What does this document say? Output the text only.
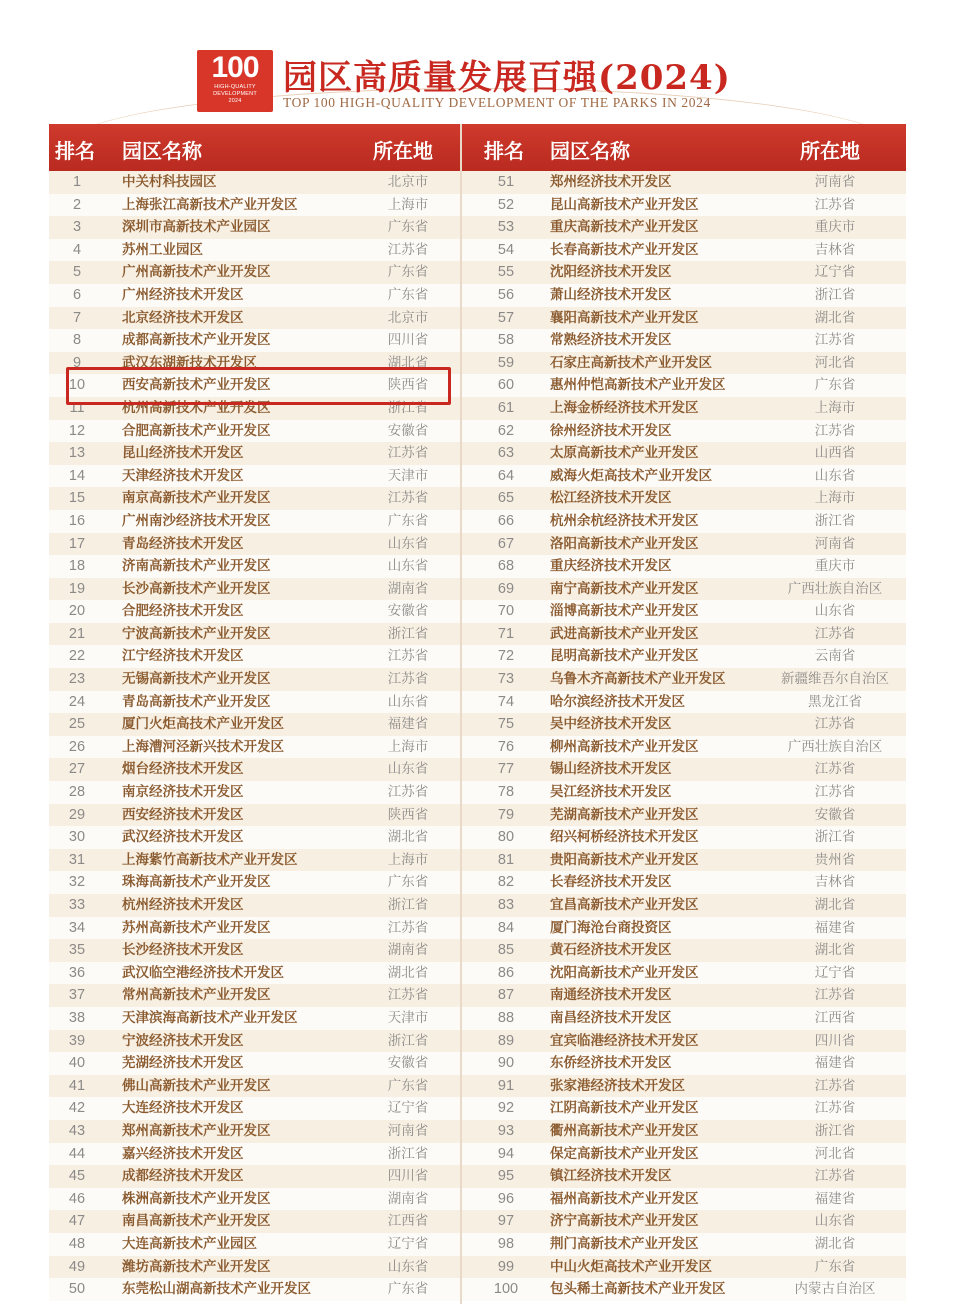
100
HIGH-QUALITY
DEVELOPMENT
2024
园区高质量发展百强(2024)
TOP 100 HIGH-QUALITY DEVELOPMENT OF THE PARKS IN 2024
排名 园区名称	所在地
1	中关村科技园区	北京市
2	上海张江高新技术产业开发区	上海市
3	深圳市高新技术产业园区	广东省
4	苏州工业园区	江苏省
5	广州高新技术产业开发区	广东省
6	广州经济技术开发区	广东省
7	北京经济技术开发区	北京市
8	成都高新技术产业开发区	四川省
9	武汉东湖新技术开发区	湖北省
10	西安高新技术产业开发区	陕西省
11	杭州高新技术产业开发区	浙江省
12	合肥高新技术产业开发区	安徽省
13	昆山经济技术开发区	江苏省
14	天津经济技术开发区	天津市
15	南京高新技术产业开发区	江苏省
16	广州南沙经济技术开发区	广东省
17	青岛经济技术开发区	山东省
18	济南高新技术产业开发区	山东省
19	长沙高新技术产业开发区	湖南省
20	合肥经济技术开发区	安徽省
21	宁波高新技术产业开发区	浙江省
22	江宁经济技术开发区	江苏省
23	无锡高新技术产业开发区	江苏省
24	青岛高新技术产业开发区	山东省
25	厦门火炬高技术产业开发区	福建省
26	上海漕河泾新兴技术开发区	上海市
27	烟台经济技术开发区	山东省
28	南京经济技术开发区	江苏省
29	西安经济技术开发区	陕西省
30	武汉经济技术开发区	湖北省
31	上海紫竹高新技术产业开发区	上海市
32	珠海高新技术产业开发区	广东省
33	杭州经济技术开发区	浙江省
34	苏州高新技术产业开发区	江苏省
35	长沙经济技术开发区	湖南省
36	武汉临空港经济技术开发区	湖北省
37	常州高新技术产业开发区	江苏省
38	天津滨海高新技术产业开发区	天津市
39	宁波经济技术开发区	浙江省
40	芜湖经济技术开发区	安徽省
41	佛山高新技术产业开发区	广东省
42	大连经济技术开发区	辽宁省
43	郑州高新技术产业开发区	河南省
44	嘉兴经济技术开发区	浙江省
45	成都经济技术开发区	四川省
46	株洲高新技术产业开发区	湖南省
47	南昌高新技术产业开发区	江西省
48	大连高新技术产业园区	辽宁省
49	潍坊高新技术产业开发区	山东省
50	东莞松山湖高新技术产业开发区	广东省
排名 园区名称	所在地
51	郑州经济技术开发区	河南省
52	昆山高新技术产业开发区	江苏省
53	重庆高新技术产业开发区	重庆市
54	长春高新技术产业开发区	吉林省
55	沈阳经济技术开发区	辽宁省
56	萧山经济技术开发区	浙江省
57	襄阳高新技术产业开发区	湖北省
58	常熟经济技术开发区	江苏省
59	石家庄高新技术产业开发区	河北省
60	惠州仲恺高新技术产业开发区	广东省
61	上海金桥经济技术开发区	上海市
62	徐州经济技术开发区	江苏省
63	太原高新技术产业开发区	山西省
64	威海火炬高技术产业开发区	山东省
65	松江经济技术开发区	上海市
66	杭州余杭经济技术开发区	浙江省
67	洛阳高新技术产业开发区	河南省
68	重庆经济技术开发区	重庆市
69	南宁高新技术产业开发区	广西壮族自治区
70	淄博高新技术产业开发区	山东省
71	武进高新技术产业开发区	江苏省
72	昆明高新技术产业开发区	云南省
73	乌鲁木齐高新技术产业开发区	新疆维吾尔自治区
74	哈尔滨经济技术开发区	黑龙江省
75	吴中经济技术开发区	江苏省
76	柳州高新技术产业开发区	广西壮族自治区
77	锡山经济技术开发区	江苏省
78	吴江经济技术开发区	江苏省
79	芜湖高新技术产业开发区	安徽省
80	绍兴柯桥经济技术开发区	浙江省
81	贵阳高新技术产业开发区	贵州省
82	长春经济技术开发区	吉林省
83	宜昌高新技术产业开发区	湖北省
84	厦门海沧台商投资区	福建省
85	黄石经济技术开发区	湖北省
86	沈阳高新技术产业开发区	辽宁省
87	南通经济技术开发区	江苏省
88	南昌经济技术开发区	江西省
89	宜宾临港经济技术开发区	四川省
90	东侨经济技术开发区	福建省
91	张家港经济技术开发区	江苏省
92	江阴高新技术产业开发区	江苏省
93	衢州高新技术产业开发区	浙江省
94	保定高新技术产业开发区	河北省
95	镇江经济技术开发区	江苏省
96	福州高新技术产业开发区	福建省
97	济宁高新技术产业开发区	山东省
98	荆门高新技术产业开发区	湖北省
99	中山火炬高技术产业开发区	广东省
100	包头稀土高新技术产业开发区	内蒙古自治区
